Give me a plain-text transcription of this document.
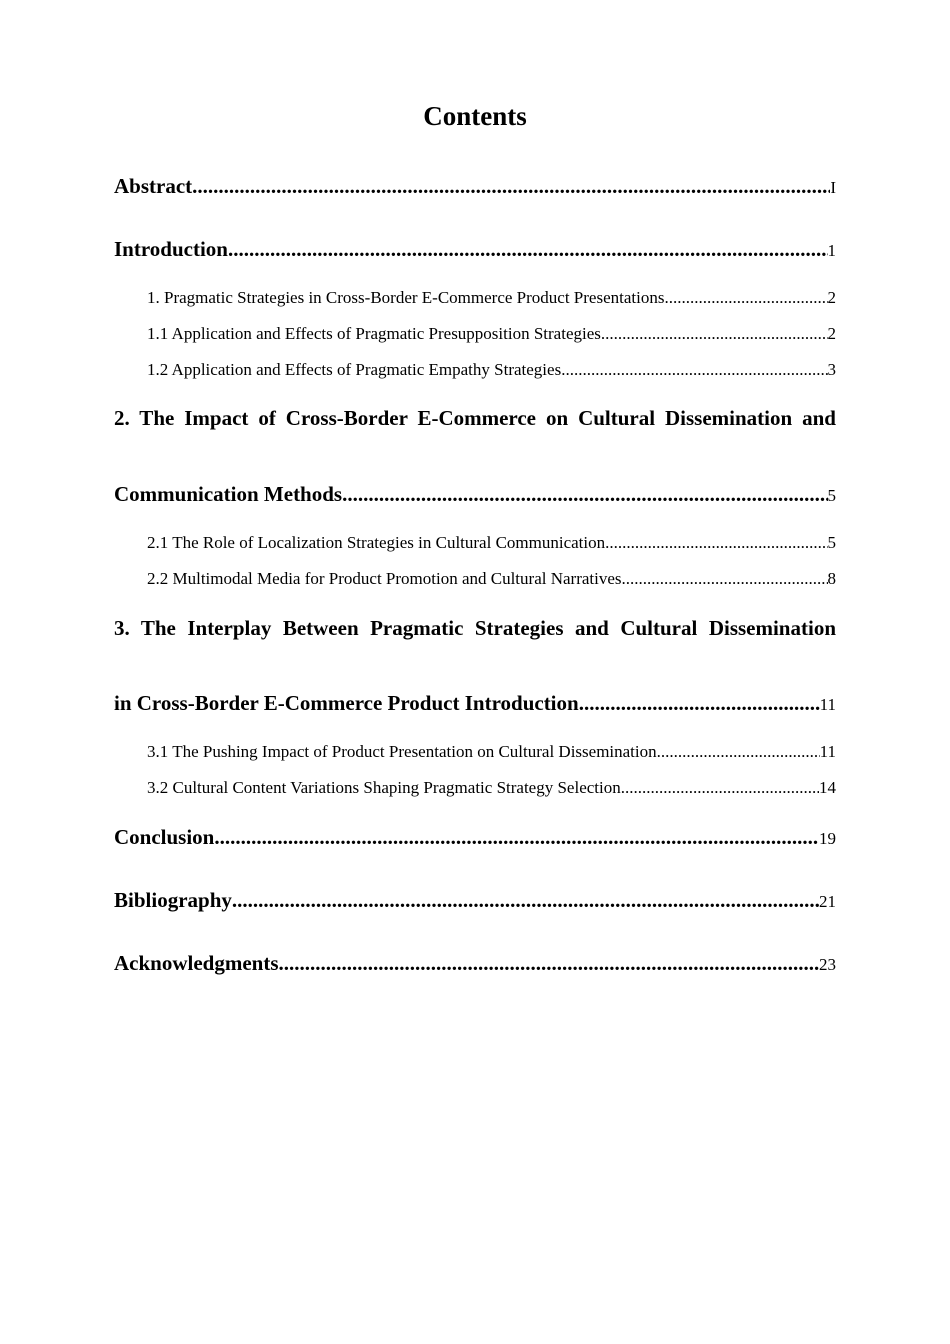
Contents
Abstract .....	I
Introduction .....	1
1. Pragmatic Strategies in Cross-Border E-Commerce Product Presentations .....	2
1.1 Application and Effects of Pragmatic Presupposition Strategies .....	2
1.2 Application and Effects of Pragmatic Empathy Strategies .....	3
2. The Impact of Cross-Border E-Commerce on Cultural Dissemination and
Communication Methods .....	5
2.1 The Role of Localization Strategies in Cultural Communication .....	5
2.2 Multimodal Media for Product Promotion and Cultural Narratives .....	8
3. The Interplay Between Pragmatic Strategies and Cultural Dissemination
in Cross-Border E-Commerce Product Introduction .....	11
3.1 The Pushing Impact of Product Presentation on Cultural Dissemination .....	11
3.2 Cultural Content Variations Shaping Pragmatic Strategy Selection .....	14
Conclusion .....	19
Bibliography .....	21
Acknowledgments .....	23
